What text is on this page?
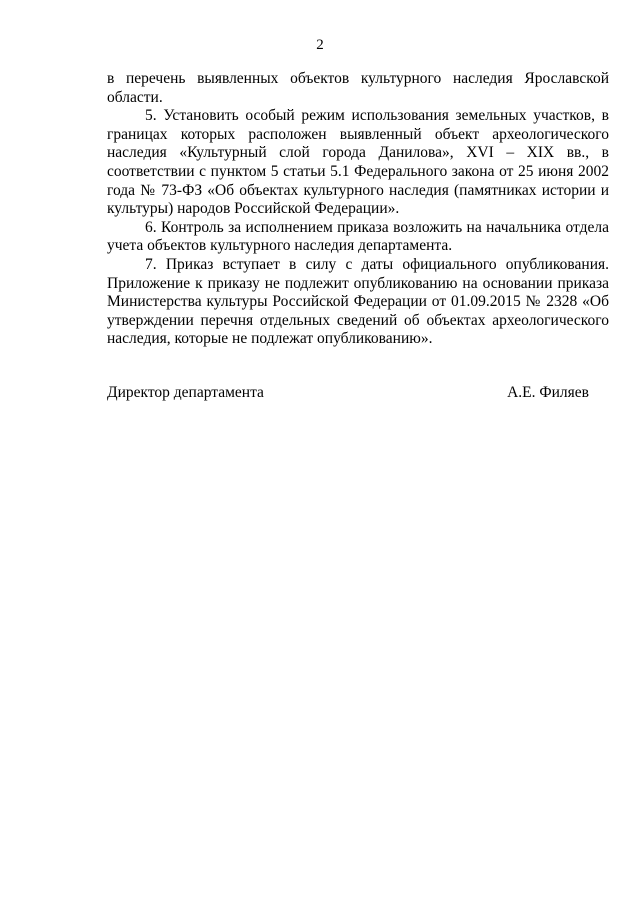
2

в перечень выявленных объектов культурного наследия Ярославской области.

5. Установить особый режим использования земельных участков, в границах которых расположен выявленный объект археологического наследия «Культурный слой города Данилова», XVI – XIX вв., в соответствии с пунктом 5 статьи 5.1 Федерального закона от 25 июня 2002 года № 73-ФЗ «Об объектах культурного наследия (памятниках истории и культуры) народов Российской Федерации».

6. Контроль за исполнением приказа возложить на начальника отдела учета объектов культурного наследия департамента.

7. Приказ вступает в силу с даты официального опубликования. Приложение к приказу не подлежит опубликованию на основании приказа Министерства культуры Российской Федерации от 01.09.2015 № 2328 «Об утверждении перечня отдельных сведений об объектах археологического наследия, которые не подлежат опубликованию».

Директор департамента	А.Е. Филяев
